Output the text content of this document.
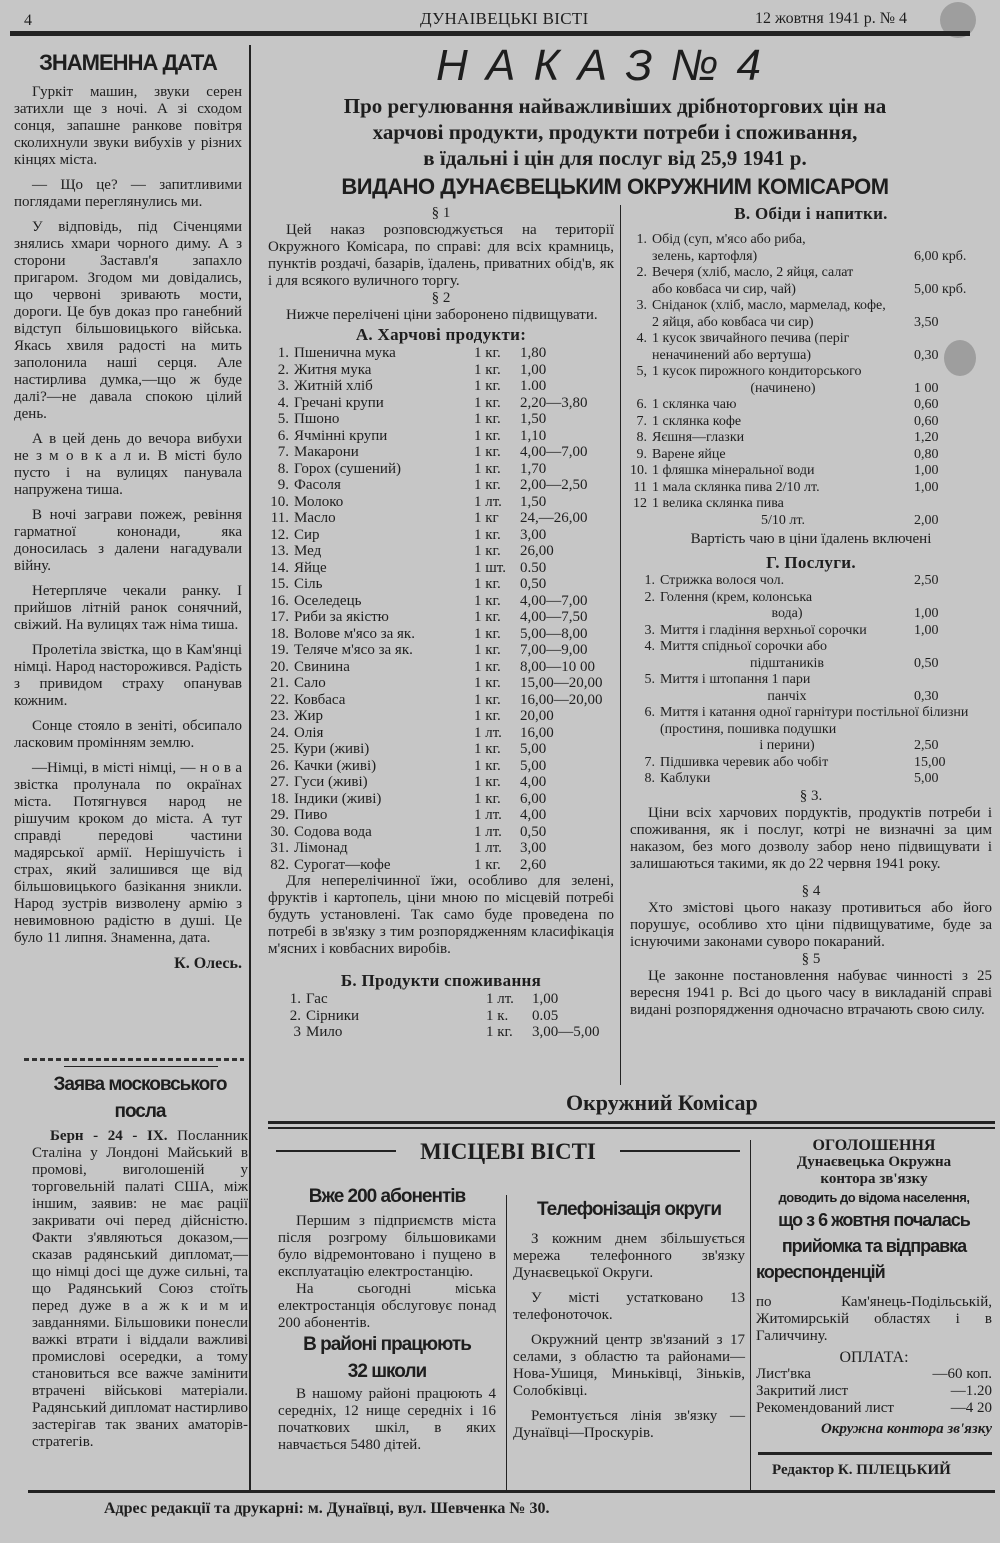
4	ДУНАІВЕЦЬКІ ВІСТІ	12 жовтня 1941 р. № 4
ЗНАМЕННА ДАТА

Гуркіт машин, звуки серен затихли ще з ночі. А зі сходом сонця, запашне ранкове повітря сколихнули звуки вибухів у різних кінцях міста.

— Що це? — запитливими поглядами переглянулись ми.

У відповідь, під Січенцями знялись хмари чорного диму. А з сторони Заставл'я запахло пригаром. Згодом ми довідались, що червоні зривають мости, дороги. Це був доказ про ганебний відступ більшовицького війська. Якась хвиля радості на мить заполонила наші серця. Але настирлива думка,—що ж буде далі?—не давала спокою цілий день.

А в цей день до вечора вибухи не з м о в к а л и. В місті було пусто і на вулицях панувала напружена тиша.

В ночі заграви пожеж, ревіння гарматної кононади, яка доносилась з далени нагадували війну.

Нетерпляче чекали ранку. І прийшов літній ранок сонячний, свіжий. На вулицях таж німа тиша.

Пролетіла звістка, що в Кам'янці німці. Народ насторожився. Радість з привидом страху опанував кожним.

Сонце стояло в зеніті, обсипало ласковим промінням землю.

—Німці, в місті німці, — н о в а звістка пролунала по окраїнах міста. Потягнувся народ не рішучим кроком до міста. А тут справді передові частини мадярської армії. Нерішучість і страх, який залишився ще від більшовицького базікання зникли. Народ зустрів визволену армію з невимовною радістю в душі. Це було 11 липня. Знаменна, дата.

К. Олесь.
Заява московського
посла

Берн - 24 - IX. Посланник Сталіна у Лондоні Майський в промові, виголошеній у торговельній палаті США, між іншим, заявив: не має рації закривати очі перед дійсністю. Факти з'являються доказом,—сказав радянський дипломат,— що німці досі ще дуже сильні, та що Радянський Союз стоїть перед дуже в а ж к и м и завданнями. Більшовики понесли важкі втрати і віддали важливі промислові осередки, а тому становиться все важче замінити втрачені військові матеріали. Радянський дипломат настирливо застерігав так званих аматорів-стратегів.

Н А К А З № 4
Про регулювання найважливіших дрібноторгових цін на
харчові продукти, продукти потреби і споживання,
в їдальні і цін для послуг від 25,9 1941 р.
ВИДАНО ДУНАЄВЕЦЬКИМ ОКРУЖНИМ КОМІСАРОМ
§ 1

Цей наказ розповсюджується на території Окружного Комісара, по справі: для всіх крамниць, пунктів роздачі, базарів, їдалень, приватних обід'в, як і для всякого вуличного торгу.

§ 2

Нижче перелічені ціни заборонено підвищувати.

А. Харчові продукти:
1. Пшенична мука	1 кг.	1,80
2. Житня мука	1 кг.	1,00
3. Житній хліб	1 кг.	1.00
4. Гречані крупи	1 кг.	2,20—3,80
5. Пшоно	1 кг.	1,50
6. Ячмінні крупи	1 кг.	1,10
7. Макарони	1 кг.	4,00—7,00
8. Горох (сушений)	1 кг.	1,70
9. Фасоля	1 кг.	2,00—2,50
10. Молоко	1 лт.	1,50
11. Масло	1 кг	24,—26,00
12. Сир	1 кг.	3,00
13. Мед	1 кг.	26,00
14. Яйце	1 шт. 0.50
15. Сіль	1 кг.	0,50
16. Оселедець	1 кг.	4,00—7,00
17. Риби за якістю	1 кг.	4,00—7,50
18. Волове м'ясо за як.	1 кг.	5,00—8,00
19. Теляче м'ясо за як.	1 кг.	7,00—9,00
20. Свинина	1 кг.	8,00—10 00
21. Сало	1 кг.	15,00—20,00
22. Ковбаса	1 кг.	16,00—20,00
23. Жир	1 кг.	20,00
24. Олія	1 лт.	16,00
25. Кури (живі)	1 кг.	5,00
26. Качки (живі)	1 кг.	5,00
27. Гуси (живі)	1 кг.	4,00
18. Індики (живі)	1 кг.	6,00
29. Пиво	1 лт.	4,00
30. Содова вода	1 лт.	0,50
31. Лімонад	1 лт.	3,00
82. Сурогат—кофе	1 кг.	2,60

Для неперелічинної їжи, особливо для зелені, фруктів і картопель, ціни мною по місцевій потребі будуть установлені. Так само буде проведена по потребі в зв'язку з тим розпорядженням класифікація м'ясних і ковбасних виробів.

Б. Продукти споживання
1. Гас	1 лт.	1,00
2. Сірники	1 к.	0.05
3 Мило	1 кг.	3,00—5,00
В. Обіди і напитки.
1. Обід (суп, м'ясо або риба,
зелень, картофля)	6,00 крб.
2. Вечеря (хліб, масло, 2 яйця, салат
або ковбаса чи сир, чай)	5,00 крб.
3. Сніданок (хліб, масло, мармелад, кофе,
2 яйця, або ковбаса чи сир)	3,50
4. 1 кусок звичайного печива (періг
неначинений або вертуша)	0,30
5, 1 кусок пирожного кондиторського
(начинено)	1 00
6. 1 склянка чаю	0,60
7. 1 склянка кофе	0,60
8. Яєшня—глазки	1,20
9. Варене яйце	0,80
10. 1 фляшка мінеральної води	1,00
11 1 мала склянка пива 2/10 лт.	1,00
12 1 велика склянка пива
5/10 лт.	2,00
Вартість чаю в ціни їдалень включені
Г. Послуги.
1. Стрижка волося чол.	2,50
2. Голення (крем, колонська
вода)	1,00
3. Миття і гладіння верхньої сорочки	1,00
4. Миття спідньої сорочки або
підштаників	0,50
5. Миття і штопання 1 пари
панчіх	0,30
6. Миття і катання одної гарнітури постільної білизни (простиня, пошивка подушки
і перини)	2,50
7. Підшивка черевик або чобіт	15,00
8. Каблуки	5,00
§ 3.

Ціни всіх харчових пордуктів, продуктів потреби і споживання, як і послуг, котрі не визначні за цим наказом, без мого дозволу забор нено підвищувати і залишаються такими, як до 22 червня 1941 року.

§ 4

Хто змістові цього наказу противиться або його порушує, особливо хто ціни підвищуватиме, буде за існуючими законами суворо покараний.

§ 5

Це законне постановлення набуває чинності з 25 вересня 1941 р. Всі до цього часу в викладаній справі видані розпорядження одночасно втрачають свою силу.

Окружний Комісар
МІСЦЕВІ ВІСТІ
Вже 200 абонентів

Першим з підприємств міста після розгрому більшовиками було відремонтовано і пущено в експлуатацію електростанцію.

На сьогодні міська електростанція обслуговує понад 200 абонентів.

В районі працюють
32 школи

В нашому районі працюють 4 середніх, 12 нище середніх і 16 початкових шкіл, в яких навчається 5480 дітей.

Телефонізація округи

З кожним днем збільшується мережа телефонного зв'язку Дунаєвецької Округи.

У місті устатковано 13 телефоноточок.

Окружний центр зв'язаний з 17 селами, з областю та районами—Нова-Ушиця, Миньківці, Зіньків, Солобківці.

Ремонтується лінія зв'язку —Дунаївці—Проскурів.

ОГОЛОШЕННЯ
Дунаєвецька Окружна
контора зв'язку
доводить до відома населення,
що з 6 жовтня почалась
прийомка та відправка
кореспонденцій

по Кам'янець-Подільській, Житомирській областях і в Галиччину.

ОПЛАТА:
Лист'вка	—60 коп.
Закритий лист	—1.20
Рекомендований лист	—4 20
Окружна контора зв'язку
Редактор К. ПІЛЕЦЬКИЙ
Адрес редакції та друкарні: м. Дунаївці, вул. Шевченка № 30.
